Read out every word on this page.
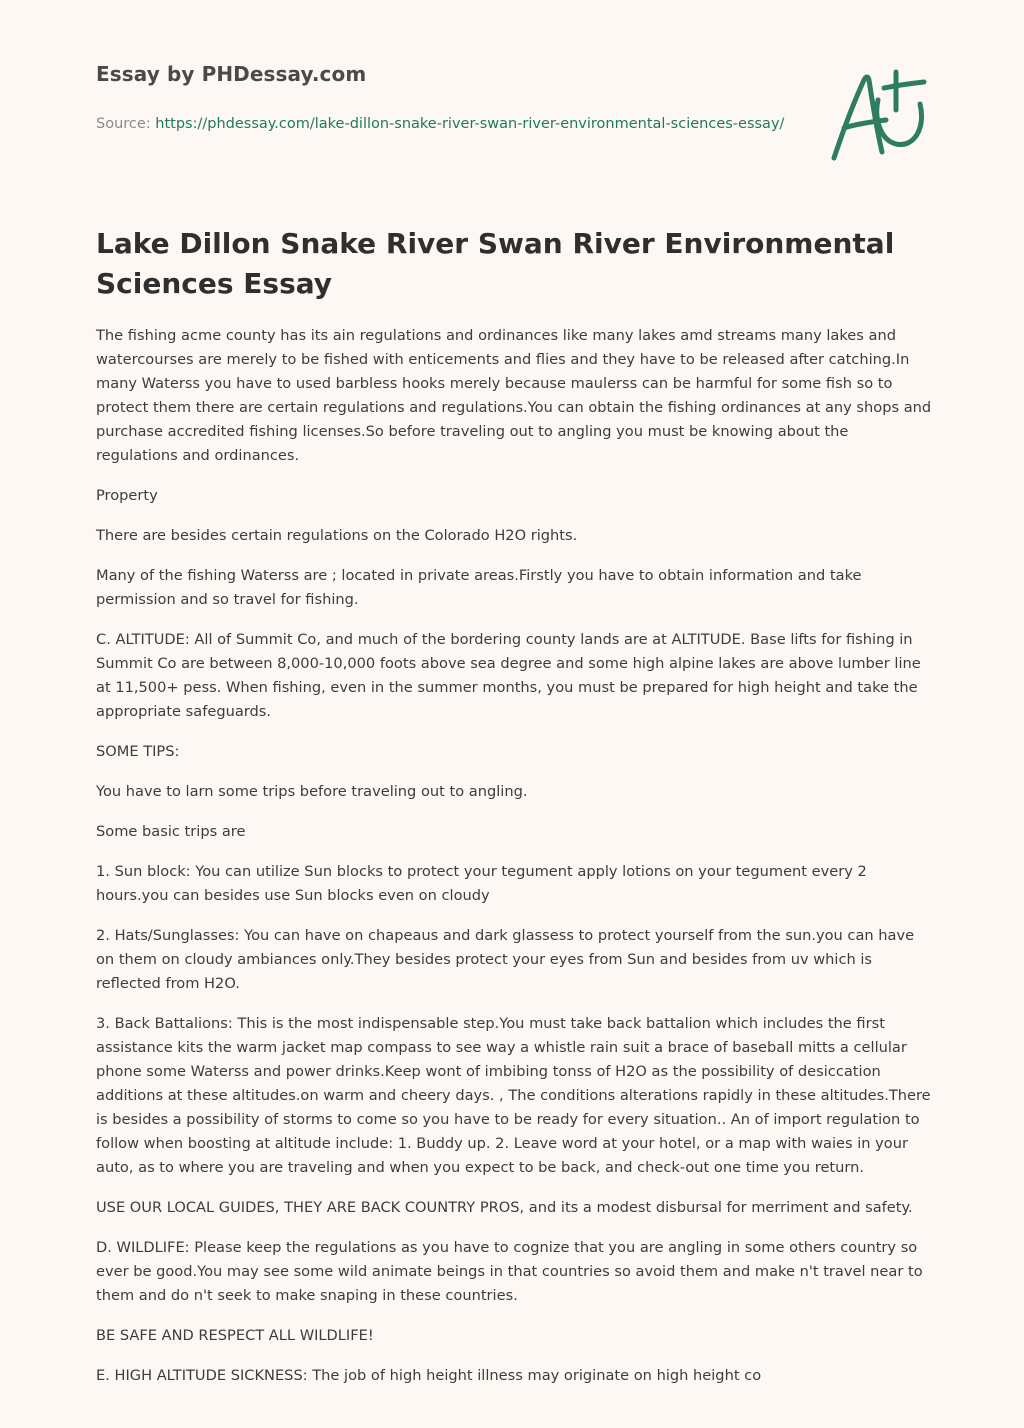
Essay by PHDessay.com
Source: https://phdessay.com/lake-dillon-snake-river-swan-river-environmental-sciences-essay/
Lake Dillon Snake River Swan River Environmental Sciences Essay

The fishing acme county has its ain regulations and ordinances like many lakes amd streams many lakes and watercourses are merely to be fished with enticements and flies and they have to be released after catching.In many Waterss you have to used barbless hooks merely because maulerss can be harmful for some fish so to protect them there are certain regulations and regulations.You can obtain the fishing ordinances at any shops and purchase accredited fishing licenses.So before traveling out to angling you must be knowing about the regulations and ordinances.

Property

There are besides certain regulations on the Colorado H2O rights.

Many of the fishing Waterss are ; located in private areas.Firstly you have to obtain information and take permission and so travel for fishing.

C. ALTITUDE: All of Summit Co, and much of the bordering county lands are at ALTITUDE. Base lifts for fishing in Summit Co are between 8,000-10,000 foots above sea degree and some high alpine lakes are above lumber line at 11,500+ pess. When fishing, even in the summer months, you must be prepared for high height and take the appropriate safeguards.

SOME TIPS:

You have to larn some trips before traveling out to angling.

Some basic trips are

1. Sun block: You can utilize Sun blocks to protect your tegument apply lotions on your tegument every 2 hours.you can besides use Sun blocks even on cloudy

2. Hats/Sunglasses: You can have on chapeaus and dark glassess to protect yourself from the sun.you can have on them on cloudy ambiances only.They besides protect your eyes from Sun and besides from uv which is reflected from H2O.

3. Back Battalions: This is the most indispensable step.You must take back battalion which includes the first assistance kits the warm jacket map compass to see way a whistle rain suit a brace of baseball mitts a cellular phone some Waterss and power drinks.Keep wont of imbibing tonss of H2O as the possibility of desiccation additions at these altitudes.on warm and cheery days. , The conditions alterations rapidly in these altitudes.There is besides a possibility of storms to come so you have to be ready for every situation.. An of import regulation to follow when boosting at altitude include: 1. Buddy up. 2. Leave word at your hotel, or a map with waies in your auto, as to where you are traveling and when you expect to be back, and check-out one time you return.

USE OUR LOCAL GUIDES, THEY ARE BACK COUNTRY PROS, and its a modest disbursal for merriment and safety.

D. WILDLIFE: Please keep the regulations as you have to cognize that you are angling in some others country so ever be good.You may see some wild animate beings in that countries so avoid them and make n't travel near to them and do n't seek to make snaping in these countries.

BE SAFE AND RESPECT ALL WILDLIFE!

E. HIGH ALTITUDE SICKNESS: The job of high height illness may originate on high height co
